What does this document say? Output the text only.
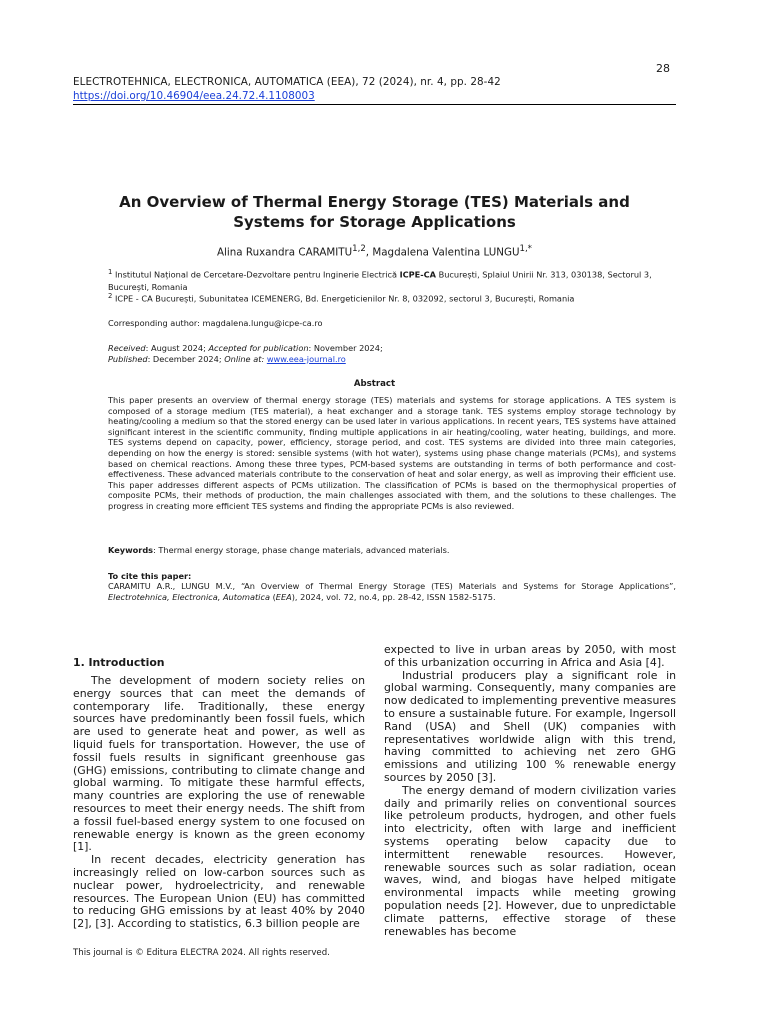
28
ELECTROTEHNICA, ELECTRONICA, AUTOMATICA (EEA), 72 (2024), nr. 4, pp. 28-42
https://doi.org/10.46904/eea.24.72.4.1108003
An Overview of Thermal Energy Storage (TES) Materials and
Systems for Storage Applications
Alina Ruxandra CARAMITU$^{1,2}$, Magdalena Valentina $LUNGU^{1,*}$
$^1$ Institutul Național de Cercetare-Dezvoltare pentru Inginerie Electrică ICPE-CA București, Splaiul Unirii Nr. 313, 030138, Sectorul 3, București, Romania
$^2$ ICPE - CA București, Subunitatea ICEMENERG, Bd. Energeticienilor Nr. 8, 032092, sectorul 3, București, Romania
Corresponding author: magdalena.lungu@icpe-ca.ro
Received: August 2024; Accepted for publication: November 2024;
Published: December 2024; Online at: www.eea-journal.ro
Abstract
This paper presents an overview of thermal energy storage (TES) materials and systems for storage applications. A TES system is composed of a storage medium (TES material), a heat exchanger and a storage tank. TES systems employ storage technology by heating/cooling a medium so that the stored energy can be used later in various applications. In recent years, TES systems have attained significant interest in the scientific community, finding multiple applications in air heating/cooling, water heating, buildings, and more. TES systems depend on capacity, power, efficiency, storage period, and cost. TES systems are divided into three main categories, depending on how the energy is stored: sensible systems (with hot water), systems using phase change materials (PCMs), and systems based on chemical reactions. Among these three types, PCM-based systems are outstanding in terms of both performance and cost-effectiveness. These advanced materials contribute to the conservation of heat and solar energy, as well as improving their efficient use. This paper addresses different aspects of PCMs utilization. The classification of PCMs is based on the thermophysical properties of composite PCMs, their methods of production, the main challenges associated with them, and the solutions to these challenges. The progress in creating more efficient TES systems and finding the appropriate PCMs is also reviewed.
Keywords: Thermal energy storage, phase change materials, advanced materials.
To cite this paper:
CARAMITU A.R., LUNGU M.V., “An Overview of Thermal Energy Storage (TES) Materials and Systems for Storage Applications”, Electrotehnica, Electronica, Automatica (EEA), 2024, vol. 72, no.4, pp. 28-42, ISSN 1582-5175.
1. Introduction

The development of modern society relies on energy sources that can meet the demands of contemporary life. Traditionally, these energy sources have predominantly been fossil fuels, which are used to generate heat and power, as well as liquid fuels for transportation. However, the use of fossil fuels results in significant greenhouse gas (GHG) emissions, contributing to climate change and global warming. To mitigate these harmful effects, many countries are exploring the use of renewable resources to meet their energy needs. The shift from a fossil fuel-based energy system to one focused on renewable energy is known as the green economy [1].

In recent decades, electricity generation has increasingly relied on low-carbon sources such as nuclear power, hydroelectricity, and renewable resources. The European Union (EU) has committed to reducing GHG emissions by at least 40% by 2040 [2], [3]. According to statistics, 6.3 billion people are

expected to live in urban areas by 2050, with most of this urbanization occurring in Africa and Asia [4].

Industrial producers play a significant role in global warming. Consequently, many companies are now dedicated to implementing preventive measures to ensure a sustainable future. For example, Ingersoll Rand (USA) and Shell (UK) companies with representatives worldwide align with this trend, having committed to achieving net zero GHG emissions and utilizing 100 % renewable energy sources by 2050 [3].

The energy demand of modern civilization varies daily and primarily relies on conventional sources like petroleum products, hydrogen, and other fuels into electricity, often with large and inefficient systems operating below capacity due to intermittent renewable resources. However, renewable sources such as solar radiation, ocean waves, wind, and biogas have helped mitigate environmental impacts while meeting growing population needs [2]. However, due to unpredictable climate patterns, effective storage of these renewables has become

This journal is © Editura ELECTRA 2024. All rights reserved.
